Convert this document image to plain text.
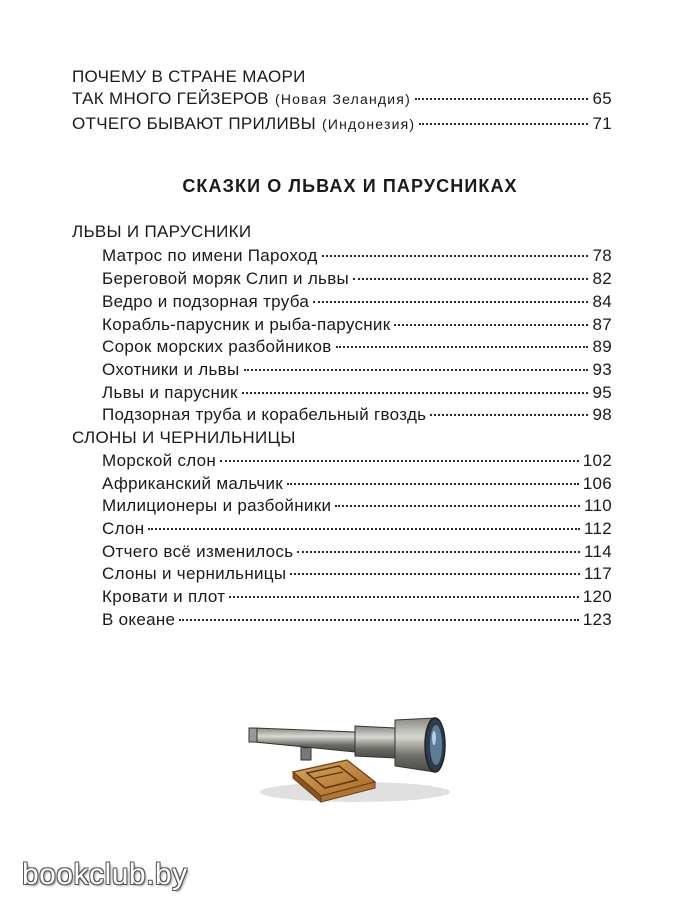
ПОЧЕМУ В СТРАНЕ МАОРИ
ТАК МНОГО ГЕЙЗЕРОВ (Новая Зеландия)	65
ОТЧЕГО БЫВАЮТ ПРИЛИВЫ (Индонезия)	71
СКАЗКИ О ЛЬВАХ И ПАРУСНИКАХ
ЛЬВЫ И ПАРУСНИКИ
Матрос по имени Пароход	78
Береговой моряк Слип и львы	82
Ведро и подзорная труба	84
Корабль-парусник и рыба-парусник	87
Сорок морских разбойников	89
Охотники и львы	93
Львы и парусник	95
Подзорная труба и корабельный гвоздь	98
СЛОНЫ И ЧЕРНИЛЬНИЦЫ
Морской слон	102
Африканский мальчик	106
Милиционеры и разбойники	110
Слон	112
Отчего всё изменилось	114
Слоны и чернильницы	117
Кровати и плот	120
В океане	123
bookclub.by
